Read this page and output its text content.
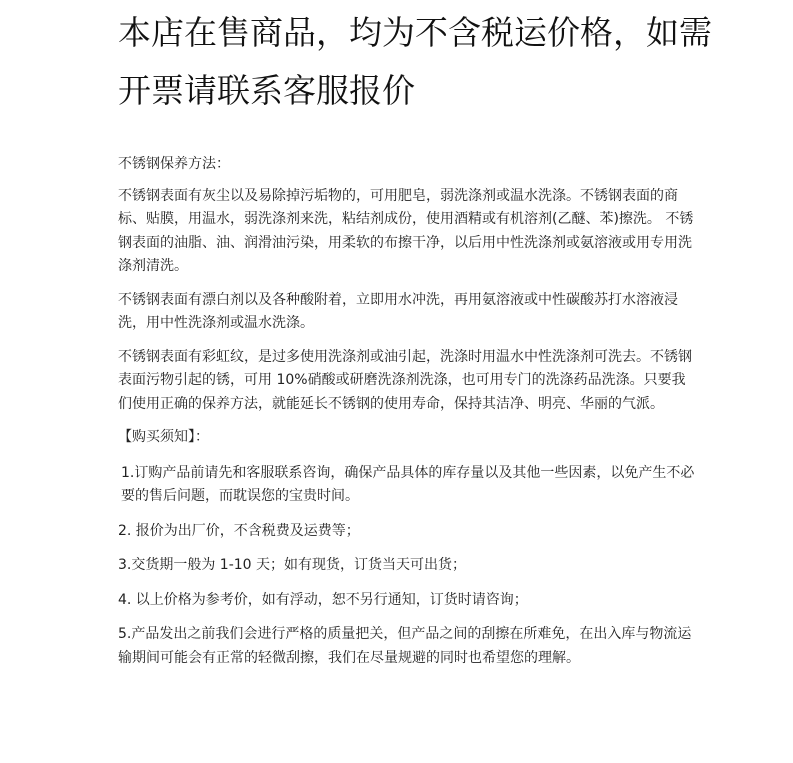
本店在售商品，均为不含税运价格，如需开票请联系客服报价

不锈钢保养方法：

不锈钢表面有灰尘以及易除掉污垢物的，可用肥皂，弱洗涤剂或温水洗涤。不锈钢表面的商标、贴膜，用温水，弱洗涤剂来洗，粘结剂成份，使用酒精或有机溶剂(乙醚、苯)擦洗。 不锈钢表面的油脂、油、润滑油污染，用柔软的布擦干净，以后用中性洗涤剂或氨溶液或用专用洗涤剂清洗。

不锈钢表面有漂白剂以及各种酸附着，立即用水冲洗，再用氨溶液或中性碳酸苏打水溶液浸洗，用中性洗涤剂或温水洗涤。

不锈钢表面有彩虹纹，是过多使用洗涤剂或油引起，洗涤时用温水中性洗涤剂可洗去。不锈钢表面污物引起的锈，可用 10%硝酸或研磨洗涤剂洗涤，也可用专门的洗涤药品洗涤。只要我们使用正确的保养方法，就能延长不锈钢的使用寿命，保持其洁净、明亮、华丽的气派。

【购买须知】：

1.订购产品前请先和客服联系咨询，确保产品具体的库存量以及其他一些因素，以免产生不必要的售后问题，而耽误您的宝贵时间。

2. 报价为出厂价，不含税费及运费等；

3.交货期一般为 1-10 天；如有现货，订货当天可出货；

4. 以上价格为参考价，如有浮动，恕不另行通知，订货时请咨询；

5.产品发出之前我们会进行严格的质量把关，但产品之间的刮擦在所难免，在出入库与物流运 输期间可能会有正常的轻微刮擦，我们在尽量规避的同时也希望您的理解。
